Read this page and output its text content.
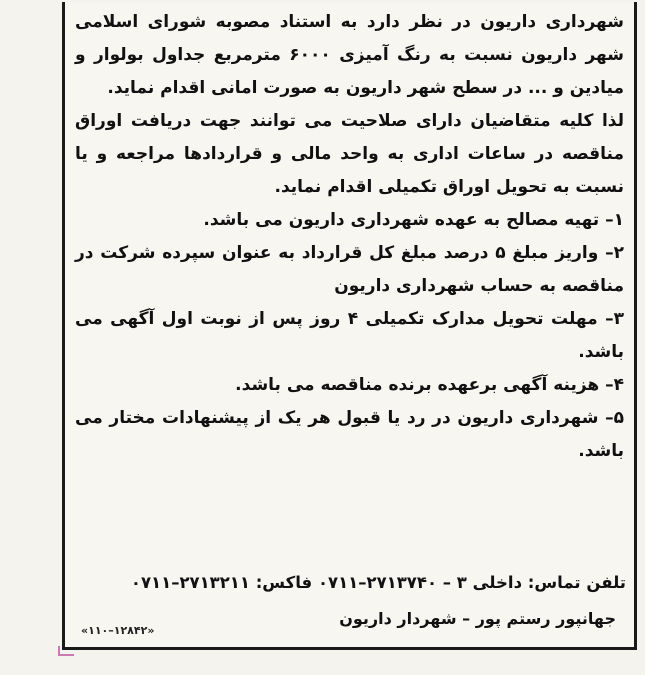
شهرداری داریون در نظر دارد به استناد مصوبه شورای اسلامی شهر داریون نسبت به رنگ آمیزی ۶۰۰۰ مترمربع جداول بولوار و میادین و ... در سطح شهر داریون به صورت امانی اقدام نماید.

لذا کلیه متقاضیان دارای صلاحیت می توانند جهت دریافت اوراق مناقصه در ساعات اداری به واحد مالی و قراردادها مراجعه و یا نسبت به تحویل اوراق تکمیلی اقدام نماید.

۱– تهیه مصالح به عهده شهرداری داریون می باشد.
۲– واریز مبلغ ۵ درصد مبلغ کل قرارداد به عنوان سپرده شرکت در مناقصه به حساب شهرداری داریون
۳– مهلت تحویل مدارک تکمیلی ۴ روز پس از نوبت اول آگهی می باشد.
۴– هزینه آگهی برعهده برنده مناقصه می باشد.
۵– شهرداری داریون در رد یا قبول هر یک از پیشنهادات مختار می باشد.
تلفن تماس: داخلی ۳ – ۲۷۱۳۷۴۰–۰۷۱۱ فاکس: ۲۷۱۳۲۱۱–۰۷۱۱
جهانپور رستم پور – شهردار داریون
«۱۱۰–۱۲۸۴۲»
